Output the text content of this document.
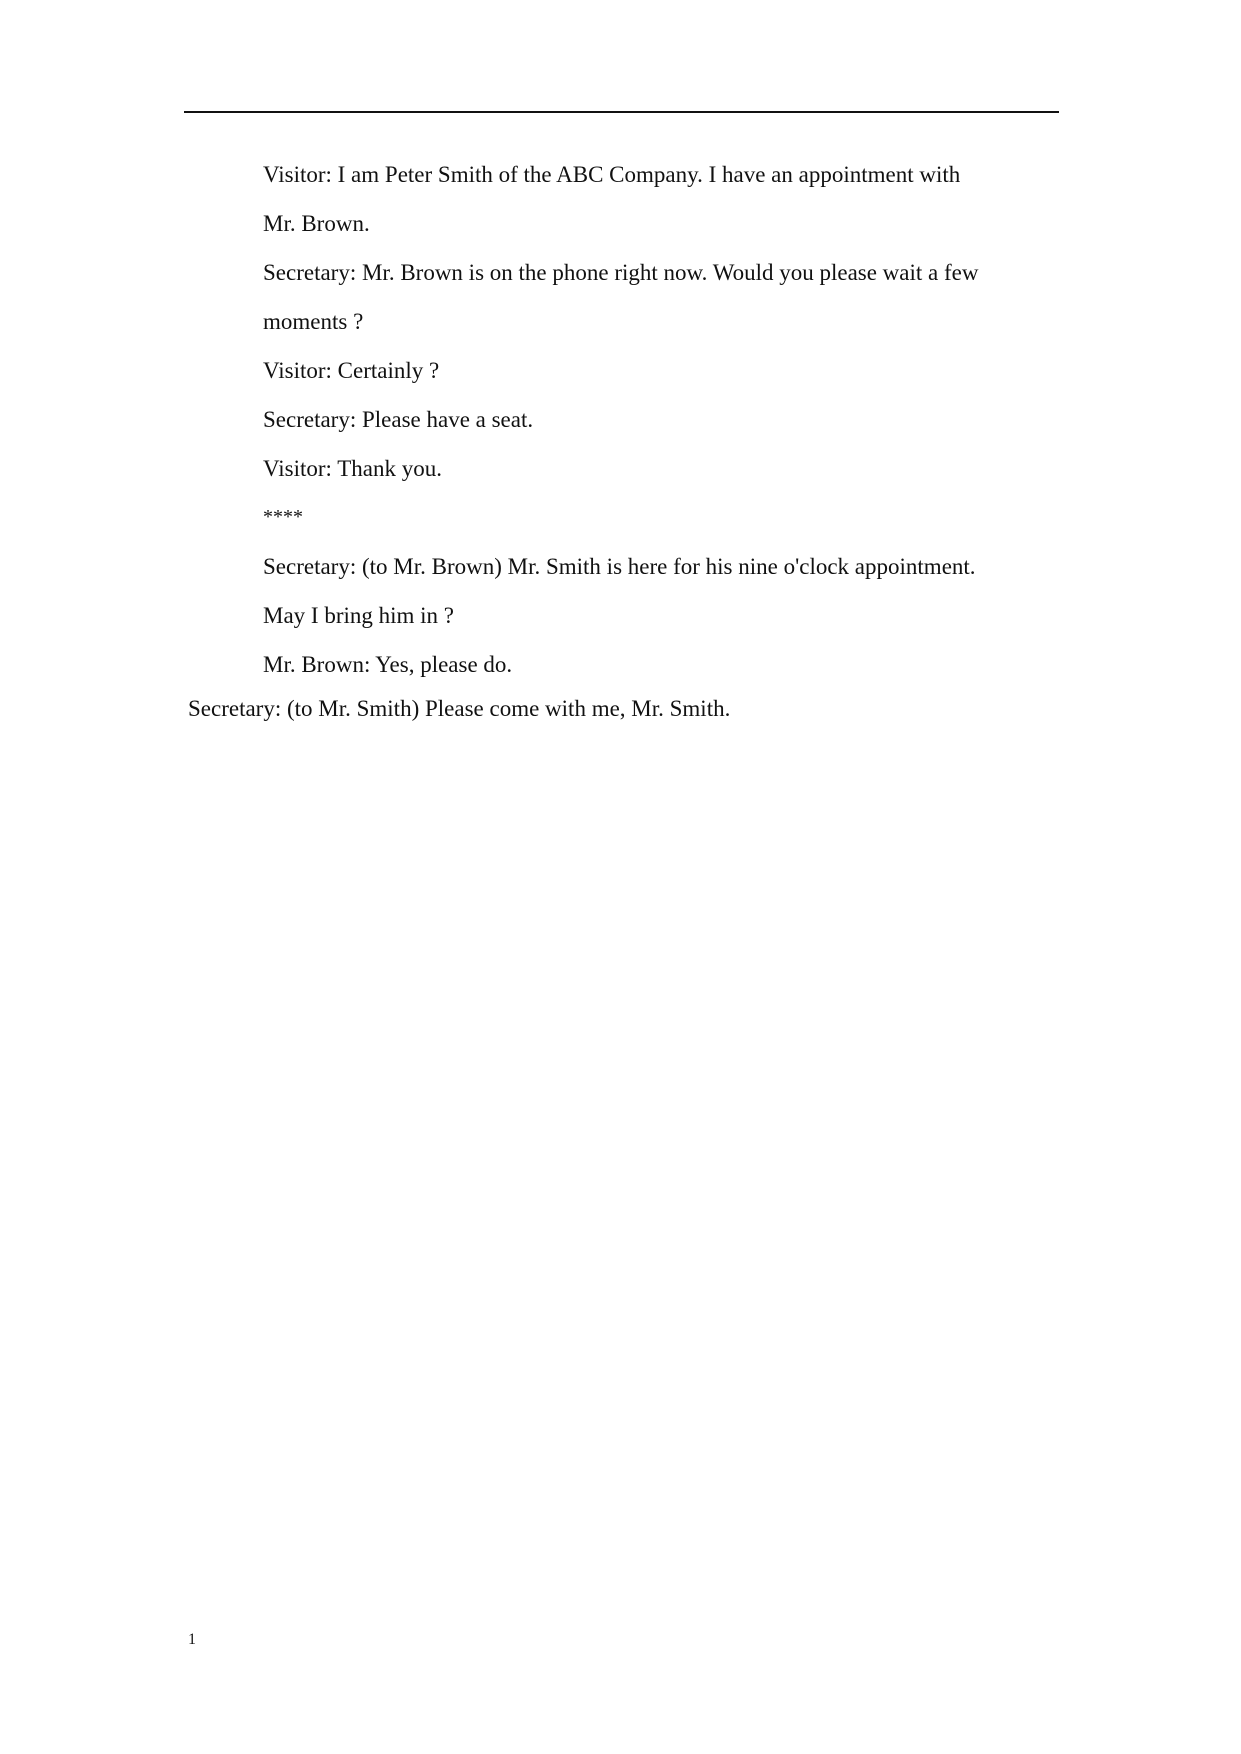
Visitor: I am Peter Smith of the ABC Company. I have an appointment with

Mr. Brown.

Secretary: Mr. Brown is on the phone right now. Would you please wait a few

moments ?

Visitor: Certainly ?

Secretary: Please have a seat.

Visitor: Thank you.

****

Secretary: (to Mr. Brown) Mr. Smith is here for his nine o'clock appointment.

May I bring him in ?

Mr. Brown: Yes, please do.

Secretary: (to Mr. Smith) Please come with me, Mr. Smith.

1
